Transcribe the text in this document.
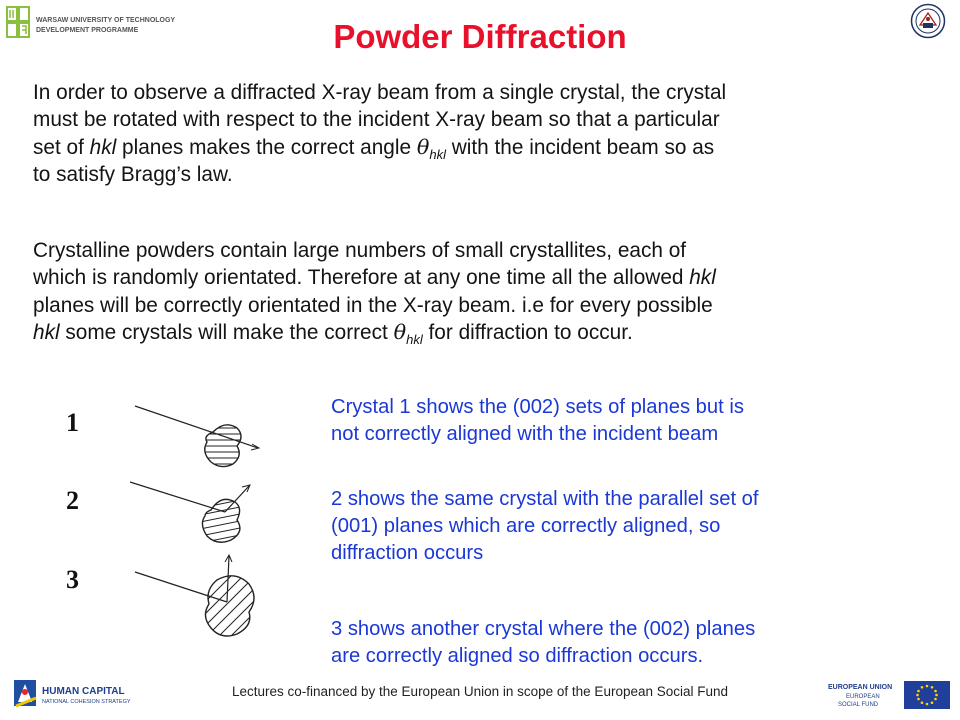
WARSAW UNIVERSITY OF TECHNOLOGY
DEVELOPMENT PROGRAMME	Powder Diffraction
In order to observe a diffracted X-ray beam from a single crystal, the crystal
must be rotated with respect to the incident X-ray beam so that a particular
set of hkl planes makes the correct angle $\theta_{hkl}$ with the incident beam so as
to satisfy Bragg’s law.
Crystalline powders contain large numbers of small crystallites, each of
which is randomly orientated. Therefore at any one time all the allowed hkl
planes will be correctly orientated in the X-ray beam. i.e for every possible
hkl some crystals will make the correct $\theta_{hkl}$ for diffraction to occur.
1
2
3
Crystal 1 shows the (002) sets of planes but is
not correctly aligned with the incident beam
2 shows the same crystal with the parallel set of
(001) planes which are correctly aligned, so
diffraction occurs
3 shows another crystal where the (002) planes
are correctly aligned so diffraction occurs.
HUMAN CAPITAL
NATIONAL COHESION STRATEGY
Lectures co-financed by the European Union in scope of the European Social Fund	EUROPEAN UNION
EUROPEAN
SOCIAL FUND
